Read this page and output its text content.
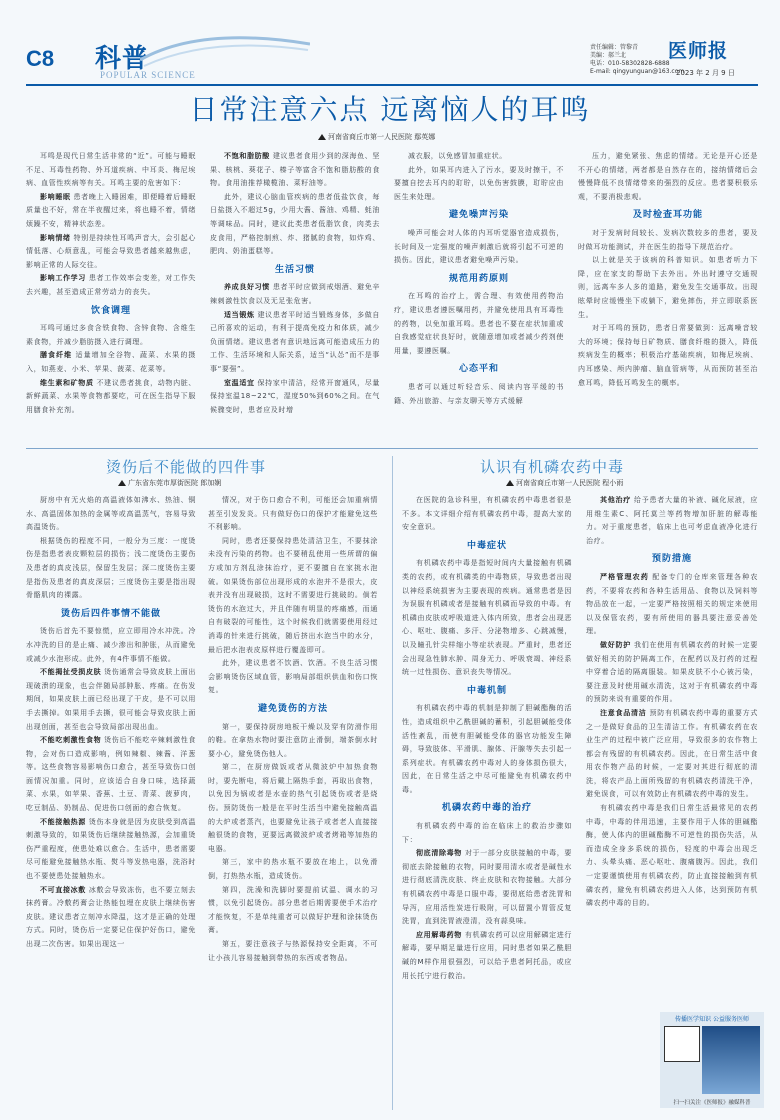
C8 科普
POPULAR SCIENCE
责任编辑：管黎青
美编：郝兰北
电话：010-58302828-6888
E-mail: qingyunguan@163.com
医师报
2023 年 2 月 9 日
日常注意六点 远离恼人的耳鸣
河南省商丘市第一人民医院 鄢英娜

耳鸣是现代日常生活非常的“近”。可能与睡眠不足、耳毒性药物、外耳道疾病、中耳炎、梅尼埃病、血管性疾病等有关。耳鸣主要的危害如下：

影响睡眠 患者晚上入睡困难，即便睡着后睡眠质量也不好，常在半夜醒过来，将也睡不着，情绪烦躁不安，精神状态差。

影响情绪 特别是持续性耳鸣声音大，会引起心情低落、心烦意乱，可能会导致患者越来越焦虑，影响正常的人际交往。

影响工作学习 患者工作效率会变差，对工作失去兴趣，甚至造成正常劳动力的丧失。

饮食调理

耳鸣可通过多食含铁食物、含锌食物、含维生素食物，并减少脂肪摄入进行调理。

膳食纤维 适量增加全谷物、蔬菜、水果的摄入，如燕麦、小米、苹果、菠菜、花菜等。

维生素和矿物质 不建议患者挑食，动物内脏、新鲜蔬菜、水果等食物都要吃，可在医生指导下服用膳食补充剂。

不饱和脂肪酸 建议患者食用少到的深海鱼、坚果、核桃、葵花子、榛子等富含不饱和脂肪酸的食物。食用油推荐橄榄油、菜籽油等。

此外，建议心脑血管疾病的患者低盐饮食，每日盐摄入不超过5g，少用大酱、酱油、鸡精、蚝油等调味品。同时，建议此类患者低脂饮食，肉类去皮食用，严格控制煎、炸、猪腻的食物，如炸鸡、肥肉、奶油蛋糕等。

生活习惯

养成良好习惯 患者平时应做到戒烟酒、避免辛辣刺激性饮食以及无足张危害。

适当锻炼 建议患者平时适当锻炼身体，多做自己所喜欢的运动，有利于提高免疫力和体质，减少负面情绪。建议患者有意识地远离可能造成压力的工作、生活环境和人际关系，适当“认怂”而不是事事“要强”。

室温适宜 保持家中清洁，经常开窗通风，尽量保持室温18~22℃，湿度50%到60%之间。在气候骤变时，患者应及时增

减衣服，以免感冒加重症状。

此外，如果耳内进入了污水，要及时擦干，不要擅自挖去耳内的耵聍，以免伤害鼓膜，耵聍应由医生来处理。

避免噪声污染

噪声可能会对人体的内耳听觉器官造成损伤，长时间及一定强度的噪声刺激后就将引起不可逆的损伤。因此，建议患者避免噪声污染。

规范用药原则

在耳鸣的治疗上，需合理、有效使用药物治疗，建议患者遵医嘱用药，并避免使用具有耳毒性的药物，以免加重耳鸣。患者也不要在症状加重或自我感觉症状良好时，就随意增加或者减少药剂使用量，要遵医嘱。

心态平和

患者可以通过听轻音乐、阅读内容平缓的书籍、外出旅游、与亲友聊天等方式缓解

压力，避免紧张、焦虑的情绪。无论是开心还是不开心的情绪，两者都是自然存在的，接纳情绪后会慢慢降低不良情绪带来的强烈的反应。患者要积极乐观，不要消极悲观。

及时检查耳功能

对于发病时间较长、发病次数较多的患者，要及时做耳功能测试，并在医生的指导下规范治疗。

以上就是关于该病的科普知识。如患者听力下降，应在家支的帮助下去外出。外出时遵守交通规则，远离车多人多的道路，避免发生交通事故。出现眩晕时应缓慢坐下或躺下，避免摔伤，并立即联系医生。

对于耳鸣的预防，患者日常要做到：远离噪音较大的环境；保持每日矿物质、膳食纤维的摄入，降低疾病发生的概率；积极治疗基础疾病，如梅尼埃病、内耳感染、颅内肿瘤、脑血管病等，从而预防甚至治愈耳鸣，降低耳鸣发生的概率。

烫伤后不能做的四件事
广东省东莞市厚街医院 郎加娴
认识有机磷农药中毒
河南省商丘市第一人民医院 程小雨

厨房中有无火焰的高温液体如沸水、热油、铜水、高温固体加热的金属等或高温蒸气，容易导致高温烫伤。

根据烫伤的程度不同，一般分为三度：一度烫伤是指患者表皮颗粒层的损伤；浅二度烫伤主要伤及患者的真皮浅层，保留生发层；深二度烫伤主要是指伤及患者的真皮深层；三度烫伤主要是指出现骨骼肌肉的裸露。

烫伤后四件事情不能做

烫伤后首先不要惊慌，应立即用冷水冲洗。冷水冲洗的目的是止痛、减少渗出和肿胀，从而避免或减少水泡形成。此外，有4件事情不能做。

不能揭扯受损皮肤 烫伤通常会导致皮肤上面出现破溃的现象，也会伴随局部肿胀、疼痛。在伤发期间，如果皮肤上面已经出现了干皮，是不可以用手去撕掉。如果用手去撕，很可能会导致皮肤上面出现创面，甚至也会导致局部出现出血。

不能吃刺激性食物 烫伤后不能吃辛辣刺激性食物，会对伤口造成影响，例如辣椒、辣酱、洋葱等。这些食物容易影响伤口愈合，甚至导致伤口创面情况加重。同时，应该适合自身口味，选择蔬菜、水果，如苹果、香蕉、土豆、青菜、菠萝肉，吃豆制品、奶制品、促进伤口创面的愈合恢复。

不能接触热源 烫伤本身就是因为皮肤受到高温刺激导致的，如果烫伤后继续接触热源，会加重烫伤严重程度，使患处难以愈合。生活中，患者需要尽可能避免接触热水瓶、熨斗等发热电器，洗浴时也不要使患处接触热水。

不可直接冰敷 冰敷会导致冻伤，也不要立刻去抹药膏。冷敷药膏会让热能包埋在皮肤上继续伤害皮肤。建议患者立刻冲水降温，这才是正确的处理方式。同时，烫伤后一定要记住保护好伤口，避免出现二次伤害。如果出现这一

情况，对于伤口愈合不利，可能还会加重病情甚至引发发炎。只有做好伤口的保护才能避免这些不利影响。

同时，患者还要保持患处清洁卫生，不要抹涂未没有污染的药物。也不要稍乱使用一些所谓的偏方或加方剂乱涂抹治疗，更不要擅自在家挑水泡破。如果烫伤部位出现形成的水泡并不是很大，皮表并没有出现破损，这时不需要进行挑破的。倘若烫伤的水泡过大，并且伴随有明显的疼痛感，而通自有破裂的可能性，这个时候我们就需要使用经过消毒的针来进行挑破，随后挤出水泡当中的水分，最后把水泡表皮原样进行覆盖即可。

此外，建议患者不饮酒、饮酒。不良生活习惯会影响烫伤区域血管，影响局部组织供血和伤口恢复。

避免烫伤的方法

第一，要保持厨房地板干燥以及穿有防滑作用的鞋。在拿热水物时要注意防止滑倒，端茶倒水时要小心，避免烫伤他人。

第二，在厨房做饭或者从微波炉中加热食物时，要先断电，将后戴上隔热手套，再取出食物，以免因为锅或者是水壶的热气引起烫伤或者是烧伤。预防烫伤一般是在平时生活当中避免接触高温的大炉或者蒸汽，也要避免让孩子或者老人直接接触很烫的食物，更要远离微波炉或者烤箱等加热的电器。

第三，家中的热水瓶不要放在地上，以免滑倒，打热热水瓶，造成烫伤。

第四，洗澡和洗脚时要提前试温、调水的习惯，以免引起烫伤。部分患者后期需要使手术治疗才能恢复，不是单纯重者可以做好护理和涂抹烫伤膏。

第五，要注意孩子与热源保持安全距离，不可让小孩儿容易接触到带热的东西或者物品。

在医院的急诊科里，有机磷农药中毒患者很是不多。本文详细介绍有机磷农药中毒，提高大家的安全意识。

中毒症状

有机磷农药中毒是指短时间内大量接触有机磷类的农药，或有机磷类的中毒物质，导致患者出现以神经系统损害为主要表现的疾病。通常患者是因为误服有机磷或者是接触有机磷而导致的中毒。有机磷由皮肤或呼吸道进入体内所致，患者会出现恶心、呕吐、腹痛、多汗、分泌物增多、心跳减慢，以及瞳孔针尖样缩小等症状表现。严重时，患者还会出现急性肺水肿、周身无力、呼吸衰竭、神经系统一过性损伤、意识丧失等情况。

中毒机制

有机磷农药中毒的机制是抑制了胆碱酯酶的活性，造成组织中乙酰胆碱的蓄积，引起胆碱能受体活性紊乱，而使有胆碱能受体的器官功能发生障碍，导致肢体、平滑肌、腺体、汗腺等失去引起一系列症状。有机磷农药中毒对人的身体损伤很大，因此，在日常生活之中尽可能避免有机磷农药中毒。

机磷农药中毒的治疗

有机磷农药中毒的治在临床上的救治步骤如下：

彻底清除毒物 对于一部分皮肤接触的中毒，要彻底去除接触的衣物，同时要用清水或者是碱性水进行彻底清洗皮肤、终止皮肤和衣物接触。大部分有机磷农药中毒是口服中毒，要彻底给患者洗胃和导泻，应用活性炭进行吸附，可以留置小胃管反复洗胃，直到洗胃液澄清，没有蒜臭味。

应用解毒药物 有机磷农药可以应用解磷定进行解毒，要早期足量进行应用，同时患者如果乙酰胆碱的M样作用很强烈，可以给予患者阿托品，或应用长托宁进行救治。

其他治疗 给予患者大量的补液、碱化尿液，应用维生素C、阿托莫兰等药物增加肝脏的解毒能力。对于重度患者，临床上也可考虑血液净化进行治疗。

预防措施

严格管理农药 配备专门的仓库来管理各种农药，不要将农药和各种生活用品、食物以及饲料等物品放在一起，一定要严格按照相关的规定来使用以及保管农药，要有所使用的器具要注意妥善处理。

做好防护 我们在使用有机磷农药的时候一定要做好相关的防护隔离工作，在配药以及打药的过程中穿着合适的隔离服装。如果皮肤不小心被污染，要注意及时使用碱水清洗，这对于有机磷农药中毒的预防来说有重要的作用。

注意食品清洁 预防有机磷农药中毒的重要方式之一是做好食品的卫生清洁工作。有机磷农药在农业生产的过程中被广泛应用，导致很多的农作物上都会有残留的有机磷农药。因此，在日常生活中食用农作物产品的时候，一定要对其进行彻底的清洗，将农产品上面所残留的有机磷农药清洗干净，避免误食，可以有效防止有机磷农药中毒的发生。

有机磷农药中毒是我们日常生活最常见的农药中毒，中毒的伴用迅速，主要作用于人体的胆碱酯酶，使人体内的胆碱酯酶不可逆性的损伤失活，从而造成全身多系统的损伤，轻度的中毒会出现乏力、头晕头痛、恶心呕吐、腹痛腹泻。因此，我们一定要谨慎使用有机磷农药，防止直接接触到有机磷农药，避免有机磷农药进入人体，达到预防有机磷农药中毒的目的。

传播医学知识 公益服务医师
扫一扫关注《医师报》融媒科普
